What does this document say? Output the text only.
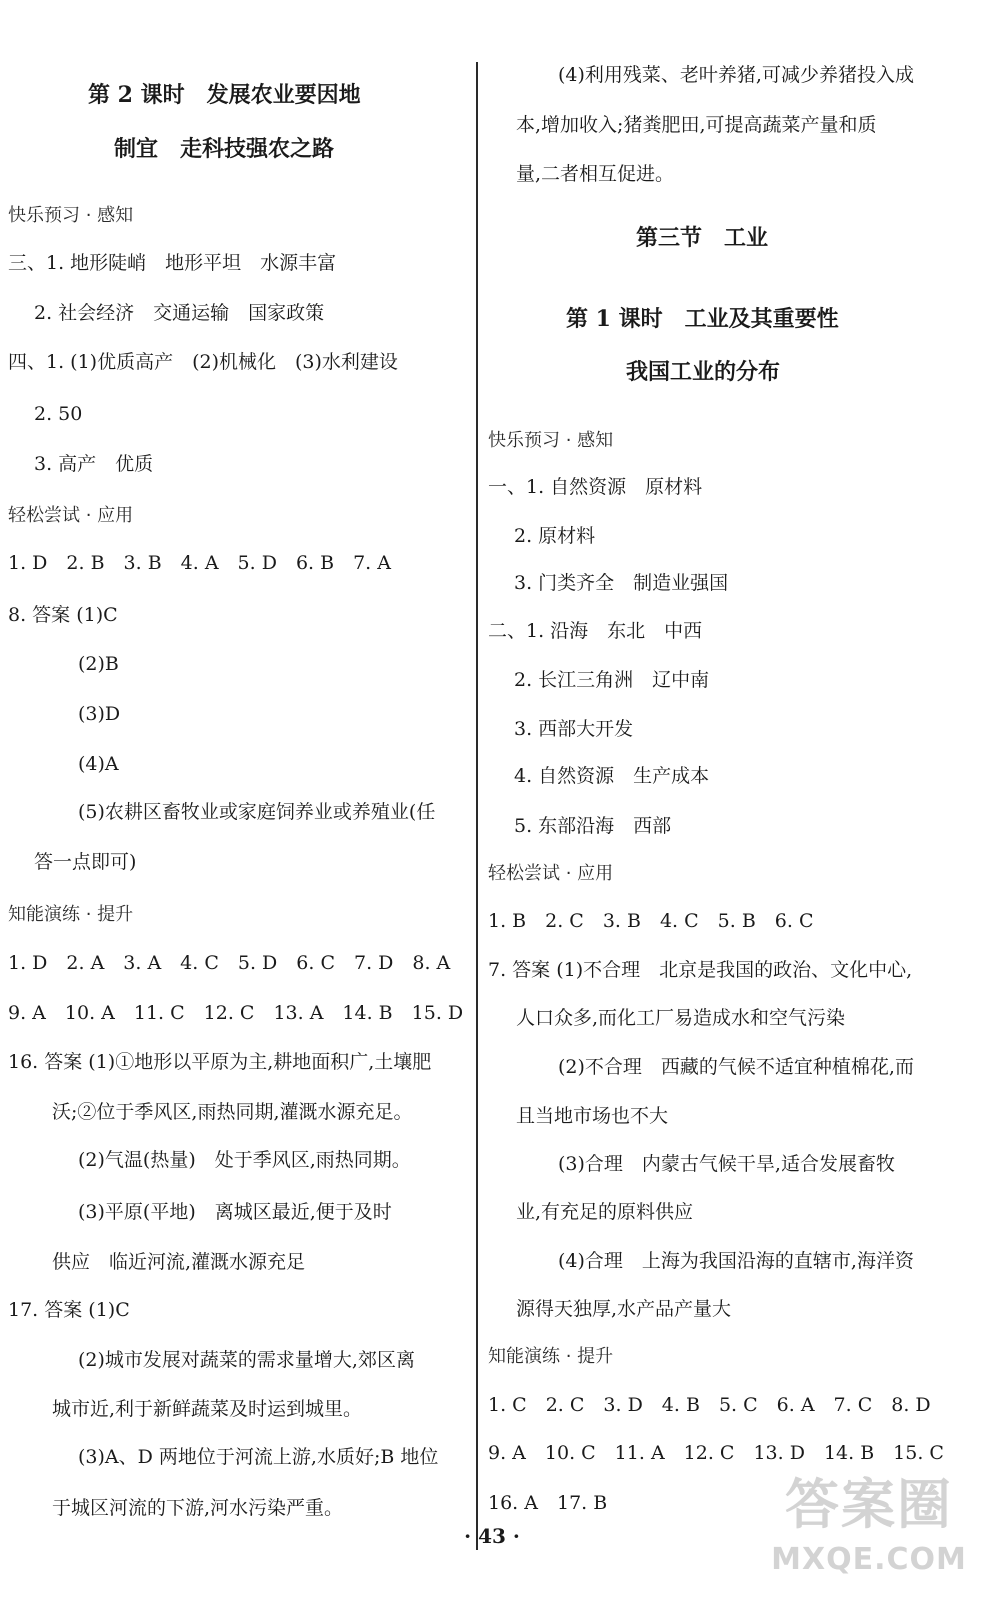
第 2 课时　发展农业要因地
制宜　走科技强农之路
快乐预习 · 感知
三、1. 地形陡峭　地形平坦　水源丰富
2. 社会经济　交通运输　国家政策
四、1. (1)优质高产　(2)机械化　(3)水利建设
2. 50
3. 高产　优质
轻松尝试 · 应用
1. D　2. B　3. B　4. A　5. D　6. B　7. A
8. 答案 (1)C
(2)B
(3)D
(4)A
(5)农耕区畜牧业或家庭饲养业或养殖业(任
答一点即可)
知能演练 · 提升
1. D　2. A　3. A　4. C　5. D　6. C　7. D　8. A
9. A　10. A　11. C　12. C　13. A　14. B　15. D
16. 答案 (1)①地形以平原为主,耕地面积广,土壤肥
沃;②位于季风区,雨热同期,灌溉水源充足。
(2)气温(热量)　处于季风区,雨热同期。
(3)平原(平地)　离城区最近,便于及时
供应　临近河流,灌溉水源充足
17. 答案 (1)C
(2)城市发展对蔬菜的需求量增大,郊区离
城市近,利于新鲜蔬菜及时运到城里。
(3)A、D 两地位于河流上游,水质好;B 地位
于城区河流的下游,河水污染严重。
(4)利用残菜、老叶养猪,可减少养猪投入成
本,增加收入;猪粪肥田,可提高蔬菜产量和质
量,二者相互促进。
第三节　工业
第 1 课时　工业及其重要性
我国工业的分布
快乐预习 · 感知
一、1. 自然资源　原材料
2. 原材料
3. 门类齐全　制造业强国
二、1. 沿海　东北　中西
2. 长江三角洲　辽中南
3. 西部大开发
4. 自然资源　生产成本
5. 东部沿海　西部
轻松尝试 · 应用
1. B　2. C　3. B　4. C　5. B　6. C
7. 答案 (1)不合理　北京是我国的政治、文化中心,
人口众多,而化工厂易造成水和空气污染
(2)不合理　西藏的气候不适宜种植棉花,而
且当地市场也不大
(3)合理　内蒙古气候干旱,适合发展畜牧
业,有充足的原料供应
(4)合理　上海为我国沿海的直辖市,海洋资
源得天独厚,水产品产量大
知能演练 · 提升
1. C　2. C　3. D　4. B　5. C　6. A　7. C　8. D
9. A　10. C　11. A　12. C　13. D　14. B　15. C
16. A　17. B
· 43 ·	答案圈
MXQE.COM
